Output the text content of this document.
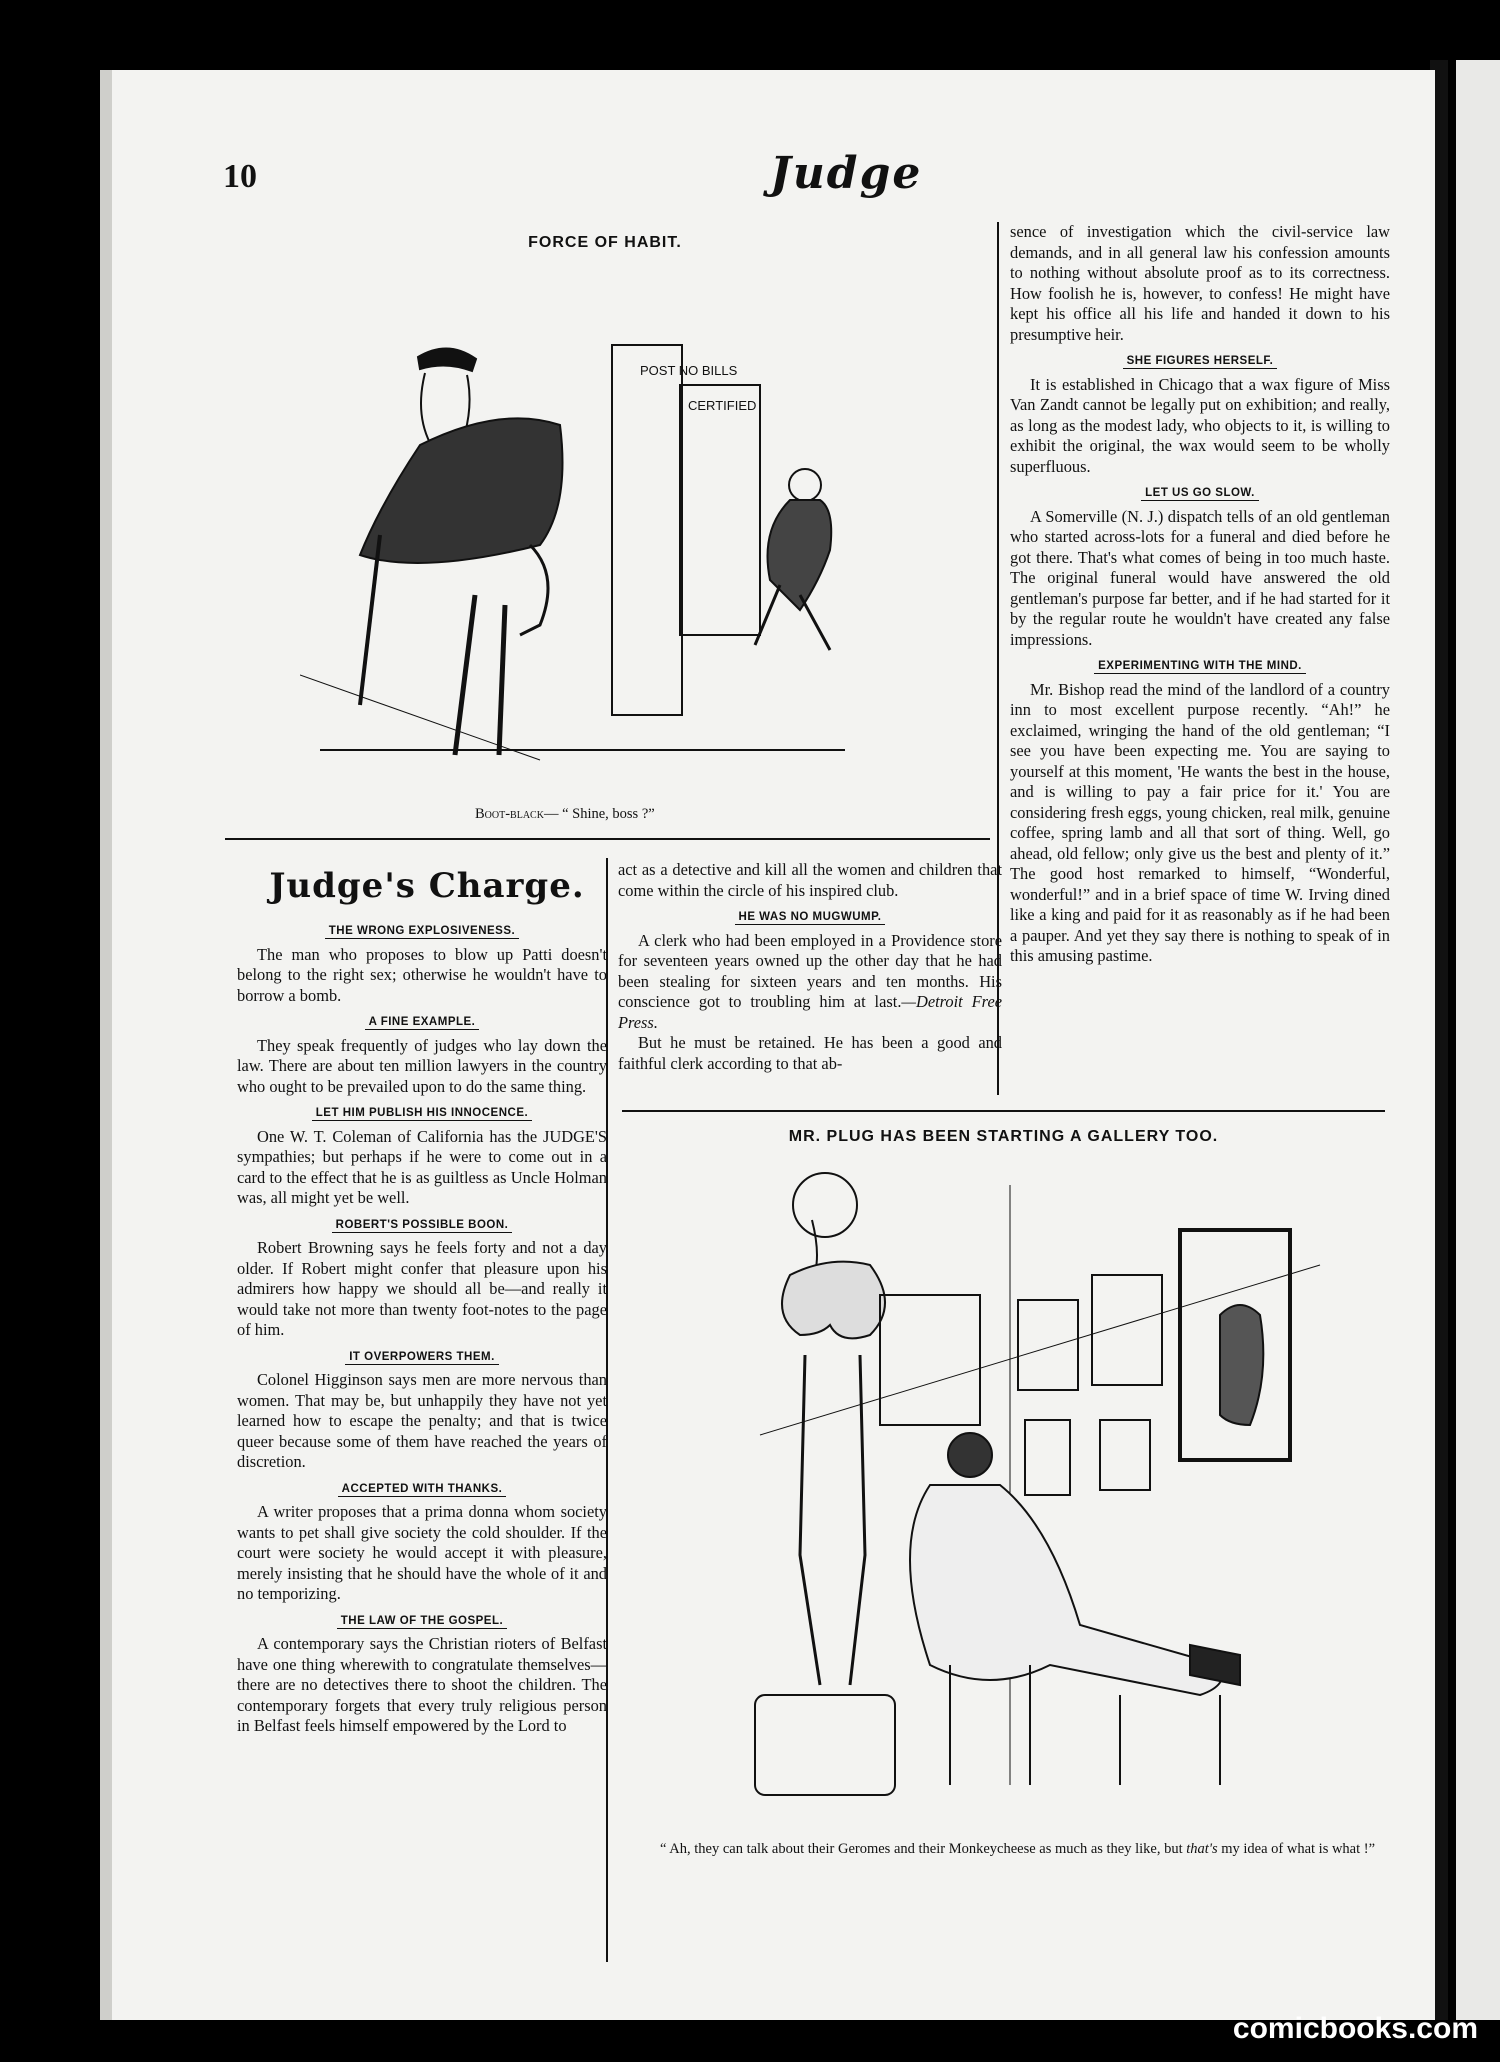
10	Judge
FORCE OF HABIT.
POST NO BILLS
CERTIFIED
Boot-black— “ Shine, boss ?”
Judge's Charge.
THE WRONG EXPLOSIVENESS.

The man who proposes to blow up Patti doesn't belong to the right sex; otherwise he wouldn't have to borrow a bomb.

A FINE EXAMPLE.

They speak frequently of judges who lay down the law. There are about ten million lawyers in the country who ought to be prevailed upon to do the same thing.

LET HIM PUBLISH HIS INNOCENCE.

One W. T. Coleman of California has the JUDGE'S sympathies; but perhaps if he were to come out in a card to the effect that he is as guiltless as Uncle Holman was, all might yet be well.

ROBERT'S POSSIBLE BOON.

Robert Browning says he feels forty and not a day older. If Robert might confer that pleasure upon his admirers how happy we should all be—and really it would take not more than twenty foot-notes to the page of him.

IT OVERPOWERS THEM.

Colonel Higginson says men are more nervous than women. That may be, but unhappily they have not yet learned how to escape the penalty; and that is twice queer because some of them have reached the years of discretion.

ACCEPTED WITH THANKS.

A writer proposes that a prima donna whom society wants to pet shall give society the cold shoulder. If the court were society he would accept it with pleasure, merely insisting that he should have the whole of it and no temporizing.

THE LAW OF THE GOSPEL.

A contemporary says the Christian rioters of Belfast have one thing wherewith to congratulate themselves—there are no detectives there to shoot the children. The contemporary forgets that every truly religious person in Belfast feels himself empowered by the Lord to

act as a detective and kill all the women and children that come within the circle of his inspired club.

HE WAS NO MUGWUMP.

A clerk who had been employed in a Providence store for seventeen years owned up the other day that he had been stealing for sixteen years and ten months. His conscience got to troubling him at last.—Detroit Free Press.

But he must be retained. He has been a good and faithful clerk according to that ab-

sence of investigation which the civil-service law demands, and in all general law his confession amounts to nothing without absolute proof as to its correctness. How foolish he is, however, to confess! He might have kept his office all his life and handed it down to his presumptive heir.

SHE FIGURES HERSELF.

It is established in Chicago that a wax figure of Miss Van Zandt cannot be legally put on exhibition; and really, as long as the modest lady, who objects to it, is willing to exhibit the original, the wax would seem to be wholly superfluous.

LET US GO SLOW.

A Somerville (N. J.) dispatch tells of an old gentleman who started across-lots for a funeral and died before he got there. That's what comes of being in too much haste. The original funeral would have answered the old gentleman's purpose far better, and if he had started for it by the regular route he wouldn't have created any false impressions.

EXPERIMENTING WITH THE MIND.

Mr. Bishop read the mind of the landlord of a country inn to most excellent purpose recently. “Ah!” he exclaimed, wringing the hand of the old gentleman; “I see you have been expecting me. You are saying to yourself at this moment, 'He wants the best in the house, and is willing to pay a fair price for it.' You are considering fresh eggs, young chicken, real milk, genuine coffee, spring lamb and all that sort of thing. Well, go ahead, old fellow; only give us the best and plenty of it.” The good host remarked to himself, “Wonderful, wonderful!” and in a brief space of time W. Irving dined like a king and paid for it as reasonably as if he had been a pauper. And yet they say there is nothing to speak of in this amusing pastime.

MR. PLUG HAS BEEN STARTING A GALLERY TOO.
“ Ah, they can talk about their Geromes and their Monkeycheese as much as they like, but that's my idea of what is what !”
comicbooks.com
